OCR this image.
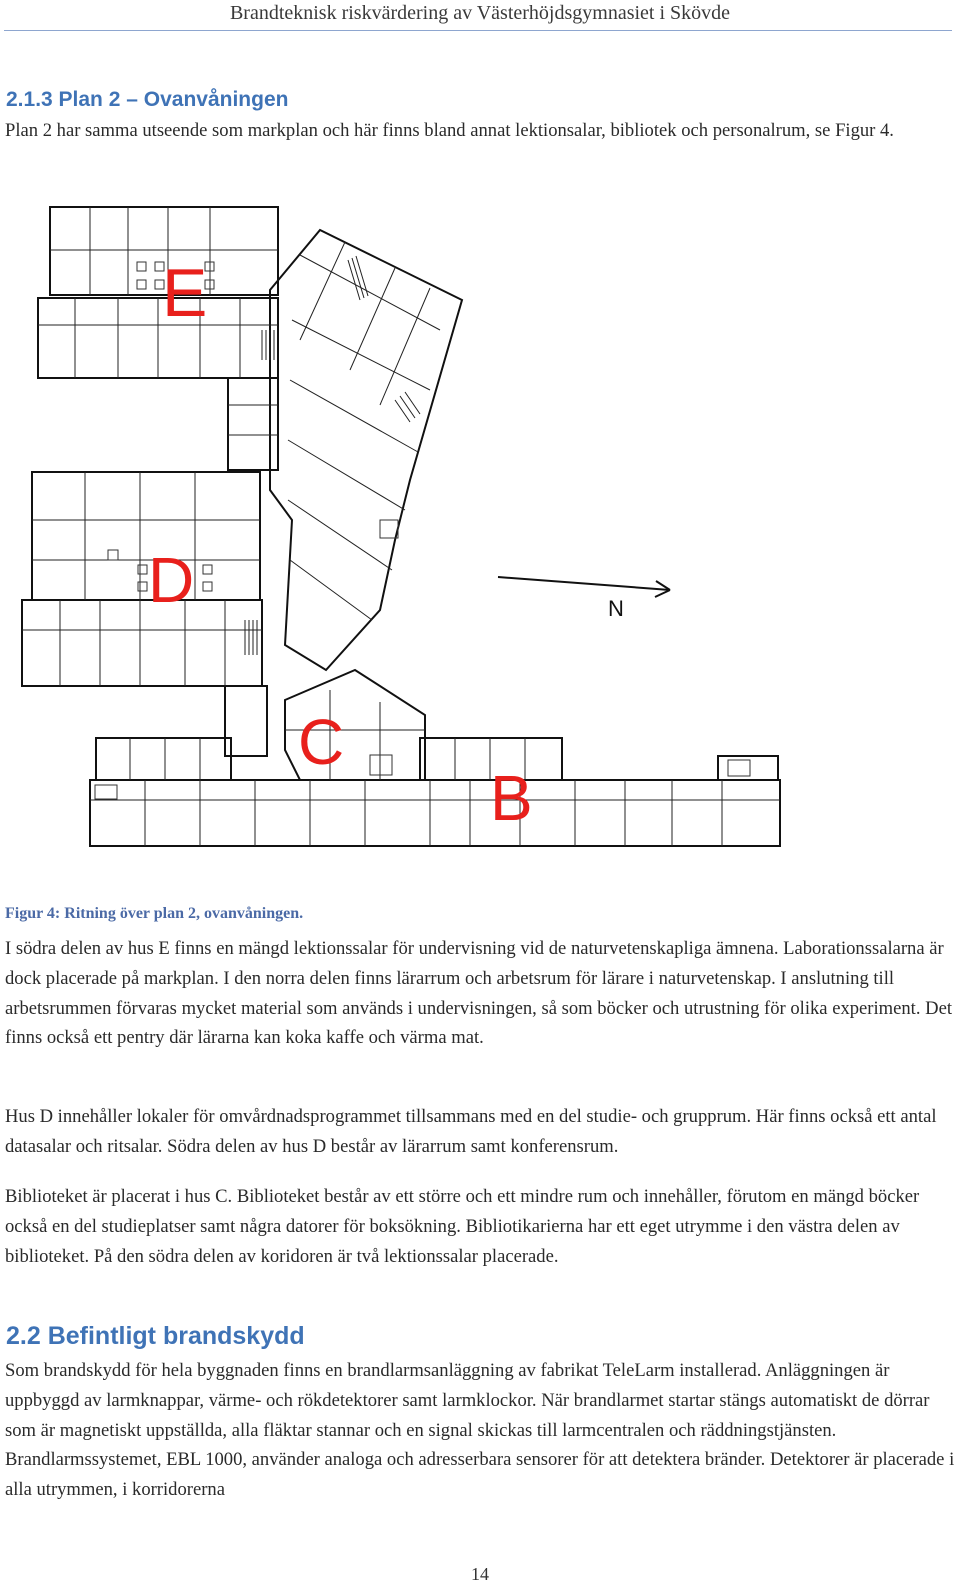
Brandteknisk riskvärdering av Västerhöjdsgymnasiet i Skövde
2.1.3 Plan 2 – Ovanvåningen

Plan 2 har samma utseende som markplan och här finns bland annat lektionsalar, bibliotek och personalrum, se Figur 4.

E
D
C
B
N

Figur 4: Ritning över plan 2, ovanvåningen.

I södra delen av hus E finns en mängd lektionssalar för undervisning vid de naturvetenskapliga ämnena. Laborationssalarna är dock placerade på markplan. I den norra delen finns lärarrum och arbetsrum för lärare i naturvetenskap. I anslutning till arbetsrummen förvaras mycket material som används i undervisningen, så som böcker och utrustning för olika experiment. Det finns också ett pentry där lärarna kan koka kaffe och värma mat.

Hus D innehåller lokaler för omvårdnadsprogrammet tillsammans med en del studie- och grupprum. Här finns också ett antal datasalar och ritsalar. Södra delen av hus D består av lärarrum samt konferensrum.

Biblioteket är placerat i hus C. Biblioteket består av ett större och ett mindre rum och innehåller, förutom en mängd böcker också en del studieplatser samt några datorer för boksökning. Bibliotikarierna har ett eget utrymme i den västra delen av biblioteket. På den södra delen av koridoren är två lektionssalar placerade.

2.2 Befintligt brandskydd

Som brandskydd för hela byggnaden finns en brandlarmsanläggning av fabrikat TeleLarm installerad. Anläggningen är uppbyggd av larmknappar, värme- och rökdetektorer samt larmklockor. När brandlarmet startar stängs automatiskt de dörrar som är magnetiskt uppställda, alla fläktar stannar och en signal skickas till larmcentralen och räddningstjänsten. Brandlarmssystemet, EBL 1000, använder analoga och adresserbara sensorer för att detektera bränder. Detektorer är placerade i alla utrymmen, i korridorerna

14
